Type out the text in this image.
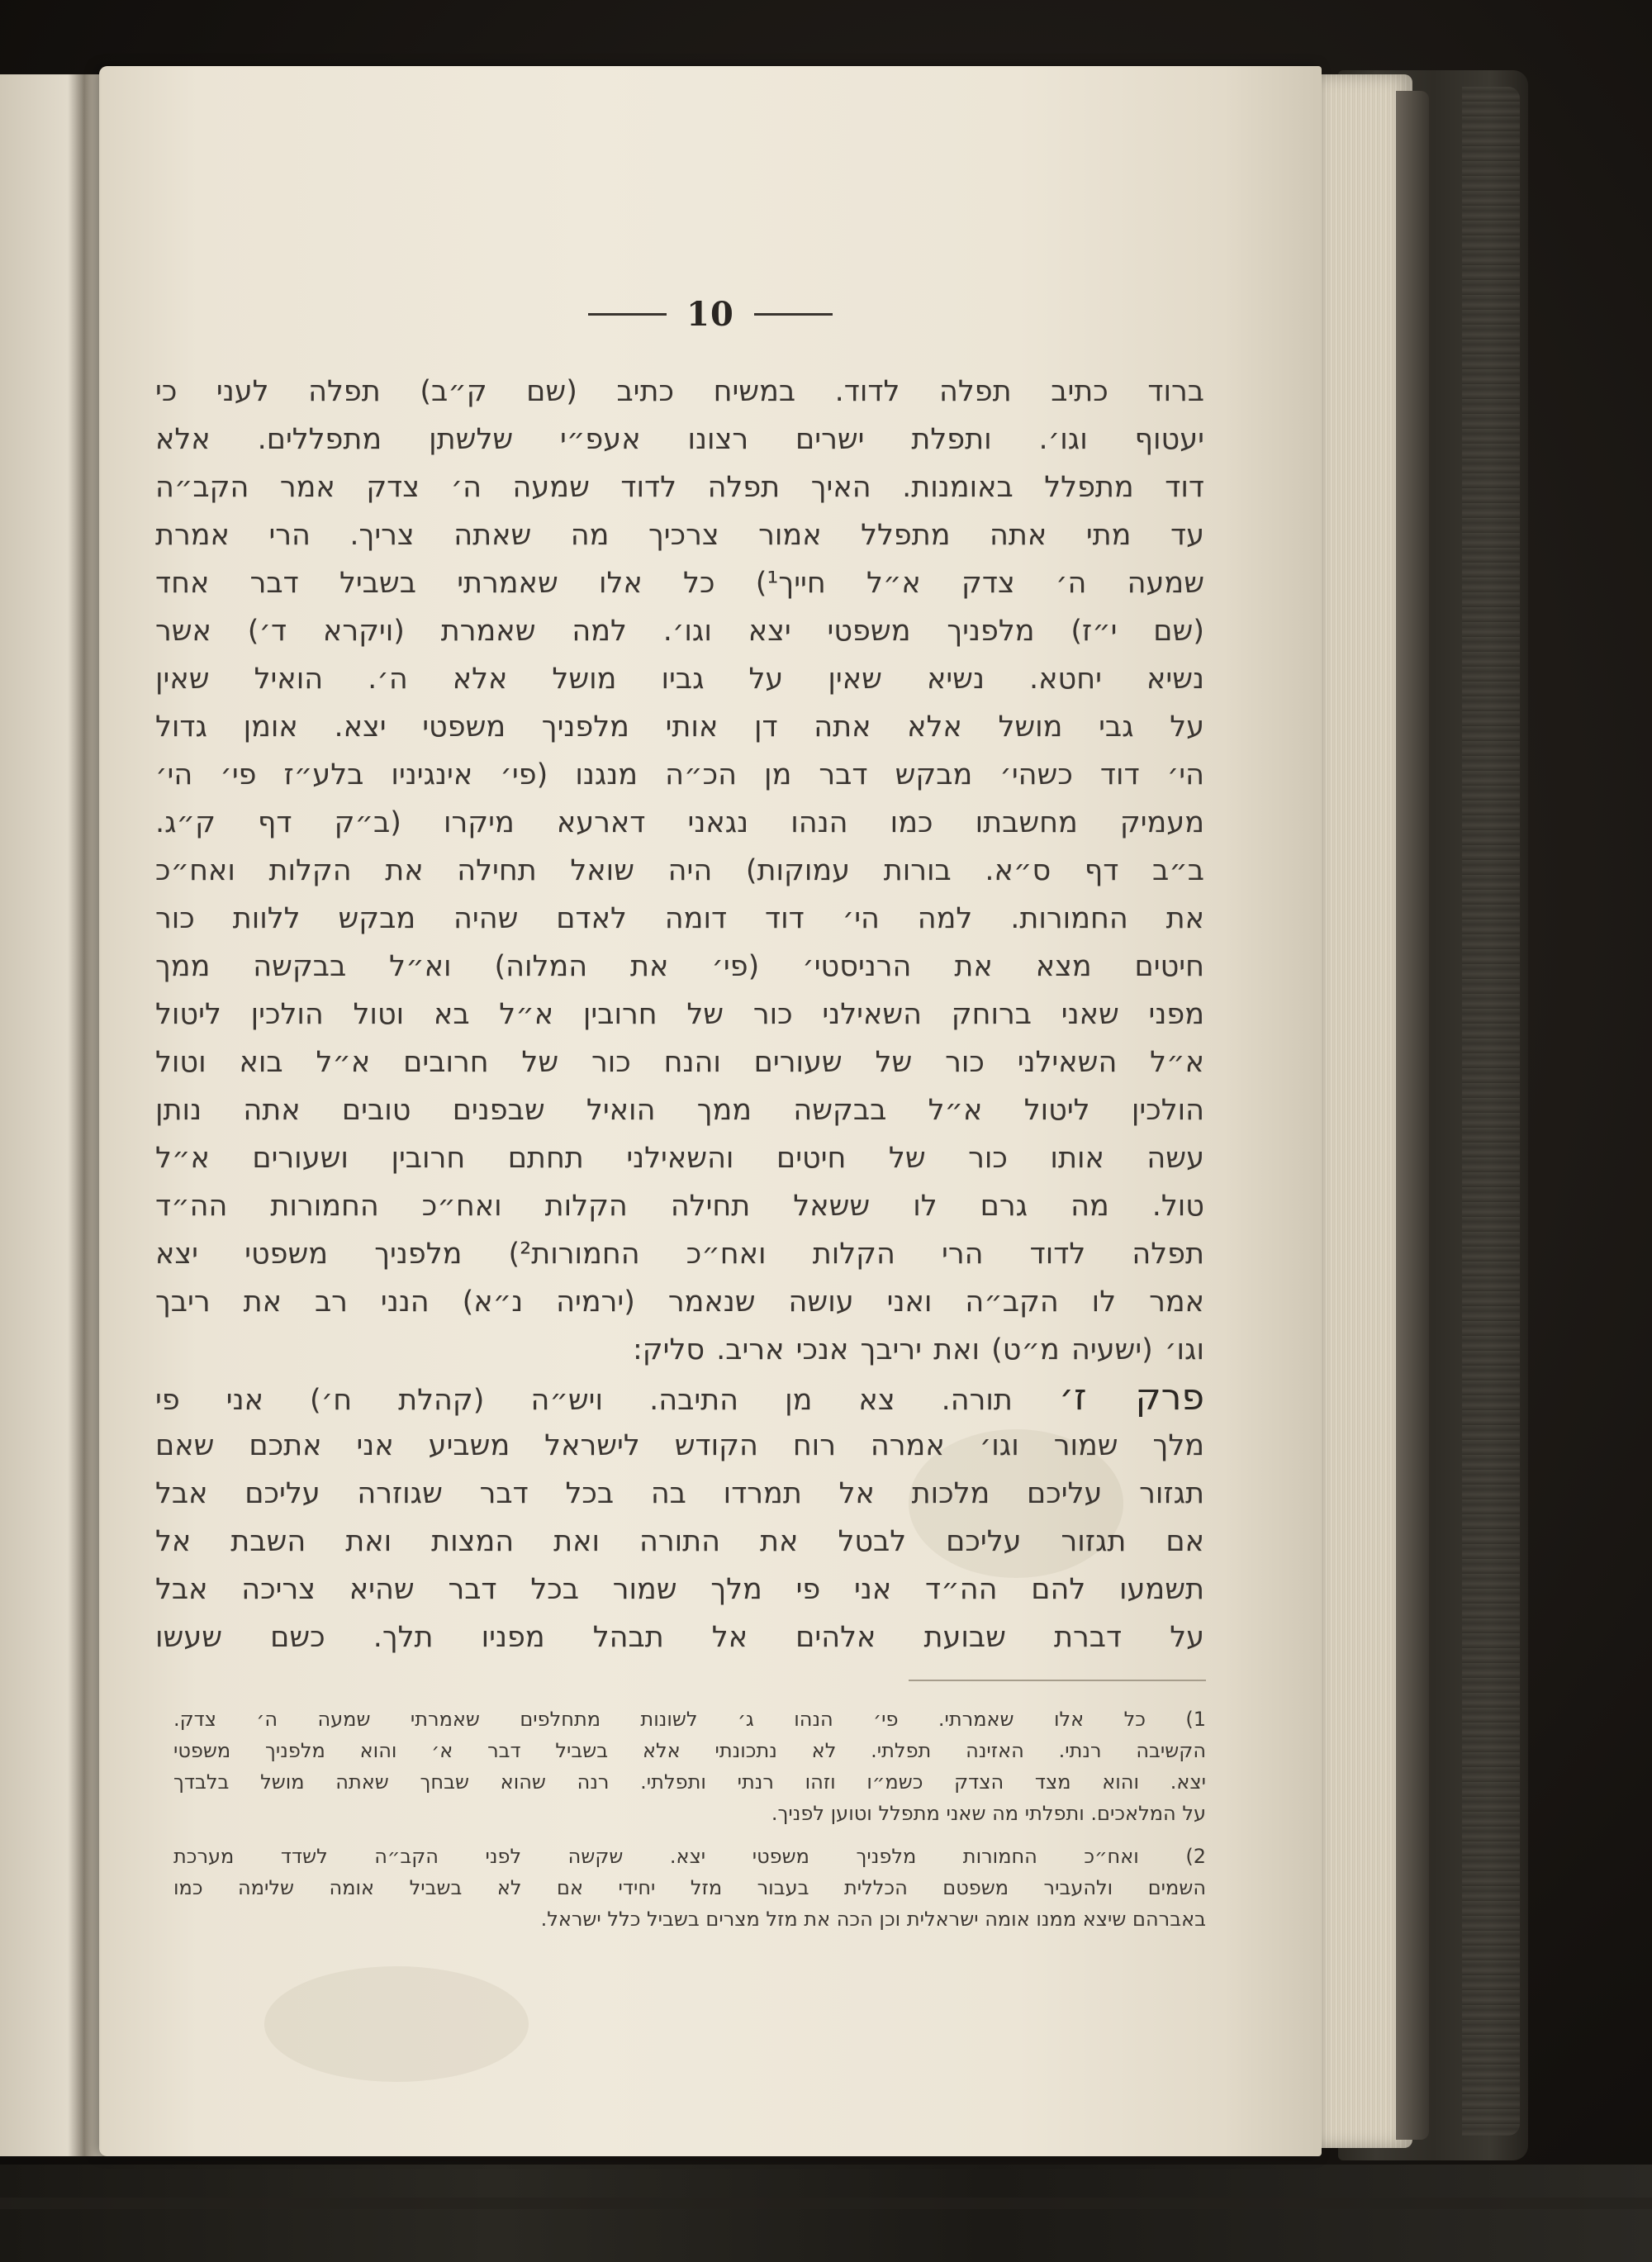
10
ברוד כתיב תפלה לדוד. במשיח כתיב (שם ק״ב) תפלה לעני כי
יעטוף וגו׳. ותפלת ישרים רצונו אעפ״י שלשתן מתפללים. אלא
דוד מתפלל באומנות. האיך תפלה לדוד שמעה ה׳ צדק אמר הקב״ה
עד מתי אתה מתפלל אמור צרכיך מה שאתה צריך. הרי אמרת
שמעה ה׳ צדק א״ל חייך¹) כל אלו שאמרתי בשביל דבר אחד
(שם י״ז) מלפניך משפטי יצא וגו׳. למה שאמרת (ויקרא ד׳) אשר
נשיא יחטא. נשיא שאין על גביו מושל אלא ה׳. הואיל שאין
על גבי מושל אלא אתה דן אותי מלפניך משפטי יצא. אומן גדול
הי׳ דוד כשהי׳ מבקש דבר מן הכ״ה מנגנו (פי׳ אינגיניו בלע״ז פי׳ הי׳
מעמיק מחשבתו כמו הנהו נגאני דארעא מיקרו (ב״ק דף ק״ג.
ב״ב דף ס״א. בורות עמוקות) היה שואל תחילה את הקלות ואח״כ
את החמורות. למה הי׳ דוד דומה לאדם שהיה מבקש ללוות כור
חיטים מצא את הרניסטי׳ (פי׳ את המלוה) וא״ל בבקשה ממך
מפני שאני ברוחק השאילני כור של חרובין א״ל בא וטול הולכין ליטול
א״ל השאילני כור של שעורים והנח כור של חרובים א״ל בוא וטול
הולכין ליטול א״ל בבקשה ממך הואיל שבפנים טובים אתה נותן
עשה אותו כור של חיטים והשאילני תחתם חרובין ושעורים א״ל
טול. מה גרם לו ששאל תחילה הקלות ואח״כ החמורות הה״ד
תפלה לדוד הרי הקלות ואח״כ החמורות²) מלפניך משפטי יצא
אמר לו הקב״ה ואני עושה שנאמר (ירמיה נ״א) הנני רב את ריבך
וגו׳ (ישעיה מ״ט) ואת יריבך אנכי אריב. סליק:
פרק ז׳ תורה. צא מן התיבה. ויש״ה (קהלת ח׳) אני פי
מלך שמור וגו׳ אמרה רוח הקודש לישראל משביע אני אתכם שאם
תגזור עליכם מלכות אל תמרדו בה בכל דבר שגוזרה עליכם אבל
אם תגזור עליכם לבטל את התורה ואת המצות ואת השבת אל
תשמעו להם הה״ד אני פי מלך שמור בכל דבר שהיא צריכה אבל
על דברת שבועת אלהים אל תבהל מפניו תלך. כשם שעשו
1) כל אלו שאמרתי. פי׳ הנהו ג׳ לשונות מתחלפים שאמרתי שמעה ה׳ צדק.
הקשיבה רנתי. האזינה תפלתי. לא נתכונתי אלא בשביל דבר א׳ והוא מלפניך משפטי
יצא. והוא מצד הצדק כשמ״ו וזהו רנתי ותפלתי. רנה שהוא שבחך שאתה מושל בלבדך
על המלאכים. ותפלתי מה שאני מתפלל וטוען לפניך.
2) ואח״כ החמורות מלפניך משפטי יצא. שקשה לפני הקב״ה לשדד מערכת
השמים ולהעביר משפטם הכללית בעבור מזל יחידי אם לא בשביל אומה שלימה כמו
באברהם שיצא ממנו אומה ישראלית וכן הכה את מזל מצרים בשביל כלל ישראל.
